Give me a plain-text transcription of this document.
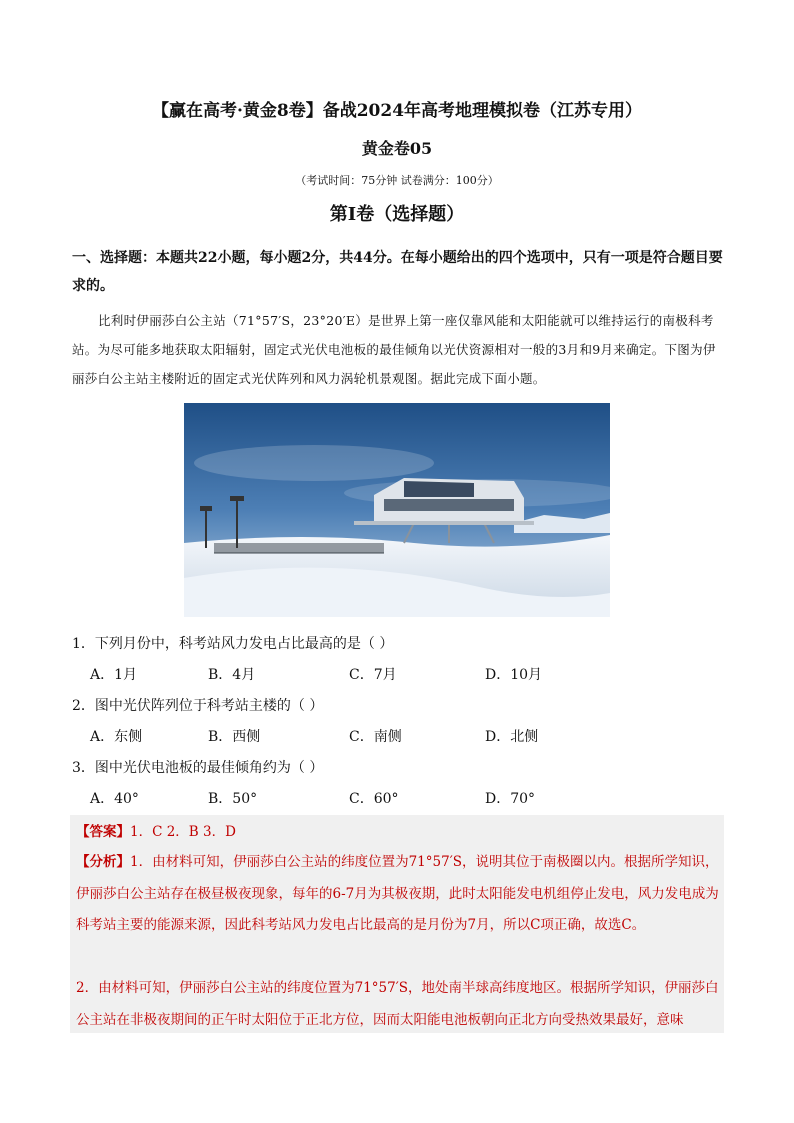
【赢在高考·黄金8卷】备战2024年高考地理模拟卷（江苏专用）
黄金卷05
（考试时间：75分钟 试卷满分：100分）
第I卷（选择题）
一、选择题：本题共22小题，每小题2分，共44分。在每小题给出的四个选项中，只有一项是符合题目要求的。
比利时伊丽莎白公主站（71°57′S，23°20′E）是世界上第一座仅靠风能和太阳能就可以维持运行的南极科考站。为尽可能多地获取太阳辐射，固定式光伏电池板的最佳倾角以光伏资源相对一般的3月和9月来确定。下图为伊丽莎白公主站主楼附近的固定式光伏阵列和风力涡轮机景观图。据此完成下面小题。
1．下列月份中，科考站风力发电占比最高的是（ ）
A．1月	B．4月	C．7月	D．10月
2．图中光伏阵列位于科考站主楼的（ ）
A．东侧	B．西侧	C．南侧	D．北侧
3．图中光伏电池板的最佳倾角约为（ ）
A．40°	B．50°	C．60°	D．70°
【答案】1．C 2．B 3．D
【分析】1．由材料可知，伊丽莎白公主站的纬度位置为71°57′S，说明其位于南极圈以内。根据所学知识，伊丽莎白公主站存在极昼极夜现象，每年的6-7月为其极夜期，此时太阳能发电机组停止发电，风力发电成为科考站主要的能源来源，因此科考站风力发电占比最高的是月份为7月，所以C项正确，故选C。
2．由材料可知，伊丽莎白公主站的纬度位置为71°57′S，地处南半球高纬度地区。根据所学知识，伊丽莎白公主站在非极夜期间的正午时太阳位于正北方位，因而太阳能电池板朝向正北方向受热效果最好，意味
